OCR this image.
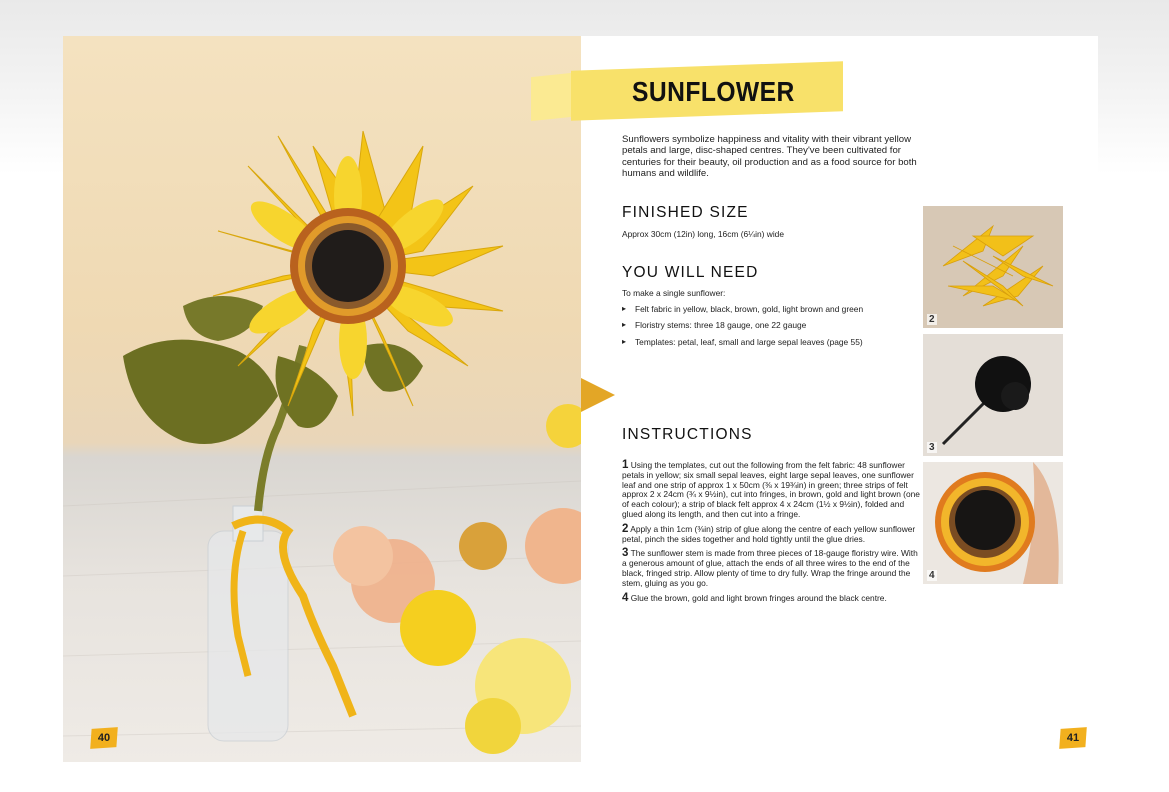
40
SUNFLOWER
Sunflowers symbolize happiness and vitality with their vibrant yellow petals and large, disc-shaped centres. They've been cultivated for centuries for their beauty, oil production and as a food source for both humans and wildlife.
FINISHED SIZE
Approx 30cm (12in) long, 16cm (6¼in) wide
YOU WILL NEED
To make a single sunflower:
▸ Felt fabric in yellow, black, brown, gold, light brown and green
▸ Floristry stems: three 18 gauge, one 22 gauge
▸ Templates: petal, leaf, small and large sepal leaves (page 55)
INSTRUCTIONS

1 Using the templates, cut out the following from the felt fabric: 48 sunflower petals in yellow; six small sepal leaves, eight large sepal leaves, one sunflower leaf and one strip of approx 1 x 50cm (⅜ x 19¾in) in green; three strips of felt approx 2 x 24cm (¾ x 9½in), cut into fringes, in brown, gold and light brown (one of each colour); a strip of black felt approx 4 x 24cm (1½ x 9½in), folded and glued along its length, and then cut into a fringe.

2 Apply a thin 1cm (⅜in) strip of glue along the centre of each yellow sunflower petal, pinch the sides together and hold tightly until the glue dries.

3 The sunflower stem is made from three pieces of 18-gauge floristry wire. With a generous amount of glue, attach the ends of all three wires to the end of the black, fringed strip. Allow plenty of time to dry fully. Wrap the fringe around the stem, gluing as you go.

4 Glue the brown, gold and light brown fringes around the black centre.

2
3
4
41
